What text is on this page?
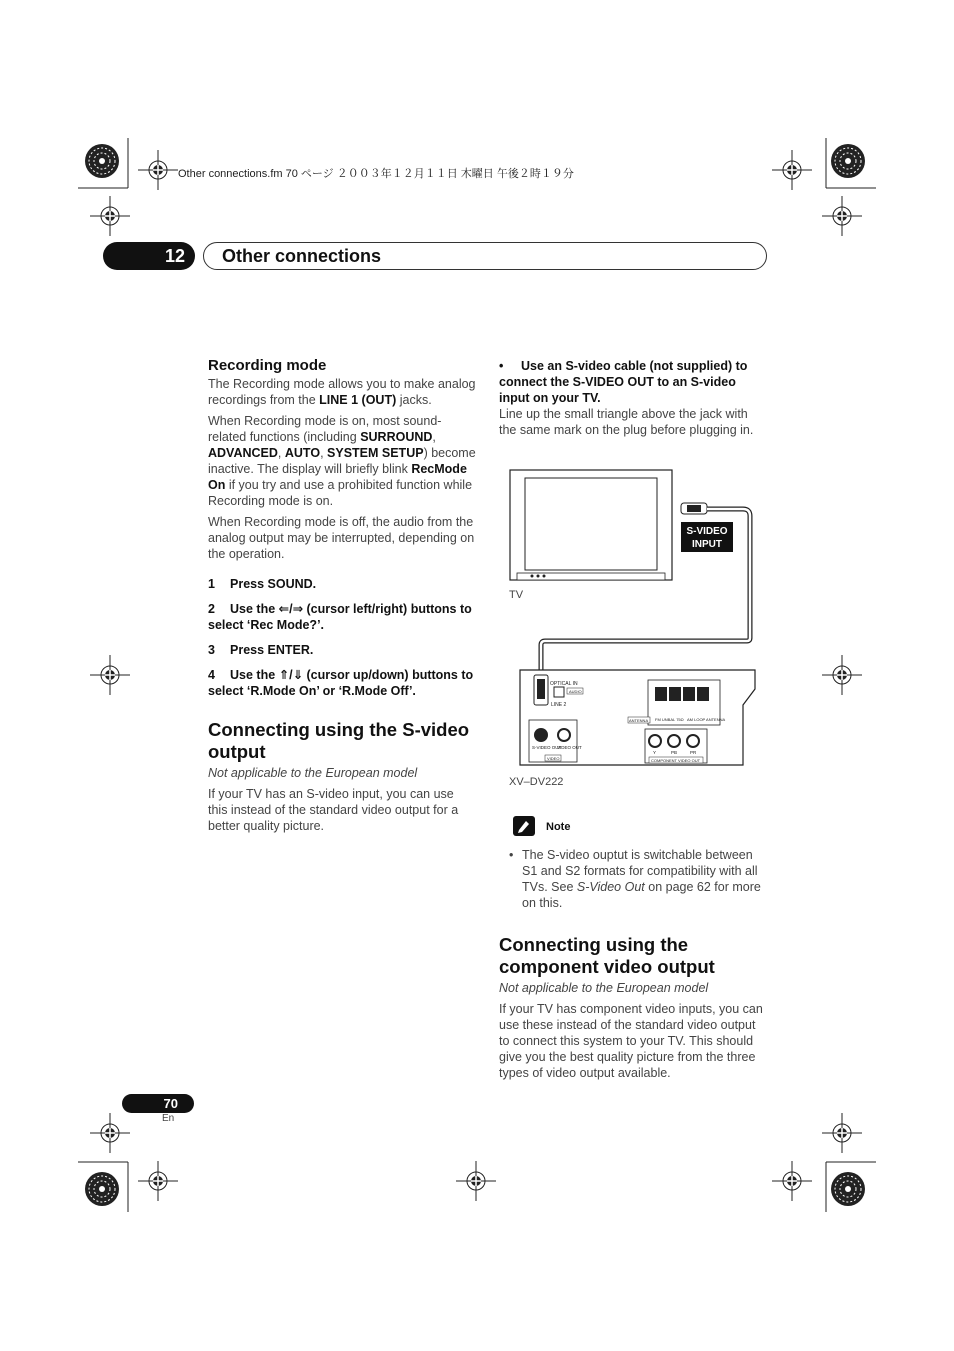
Other connections.fm 70 ページ ２００３年１２月１１日 木曜日 午後２時１９分
12	Other connections
Recording mode

The Recording mode allows you to make analog recordings from the LINE 1 (OUT) jacks.

When Recording mode is on, most sound-related functions (including SURROUND, ADVANCED, AUTO, SYSTEM SETUP) become inactive. The display will briefly blink RecMode On if you try and use a prohibited function while Recording mode is on.

When Recording mode is off, the audio from the analog output may be interrupted, depending on the operation.

1 Press SOUND.
2 Use the ⇐/⇒ (cursor left/right) buttons to select ‘Rec Mode?’.
3 Press ENTER.
4 Use the ⇑/⇓ (cursor up/down) buttons to select ‘R.Mode On’ or ‘R.Mode Off’.
Connecting using the S-video output

Not applicable to the European model

If your TV has an S-video input, you can use this instead of the standard video output for a better quality picture.

• Use an S-video cable (not supplied) to connect the S-VIDEO OUT to an S-video input on your TV.

Line up the small triangle above the jack with the same mark on the plug before plugging in.

S-VIDEO
INPUT
OPTICAL IN
AUDIO
LINE 2
S-VIDEO OUT
VIDEO OUT
VIDEO
ANTENNA FM UNBAL 75Ω AM LOOP ANTENNA
Y	PB	PR
COMPONENT VIDEO OUT
TV
XV–DV222
Note
• The S-video ouptut is switchable between S1 and S2 formats for compatibility with all TVs. See S-Video Out on page 62 for more on this.
Connecting using the component video output

Not applicable to the European model

If your TV has component video inputs, you can use these instead of the standard video output to connect this system to your TV. This should give you the best quality picture from the three types of video output available.

70
En
